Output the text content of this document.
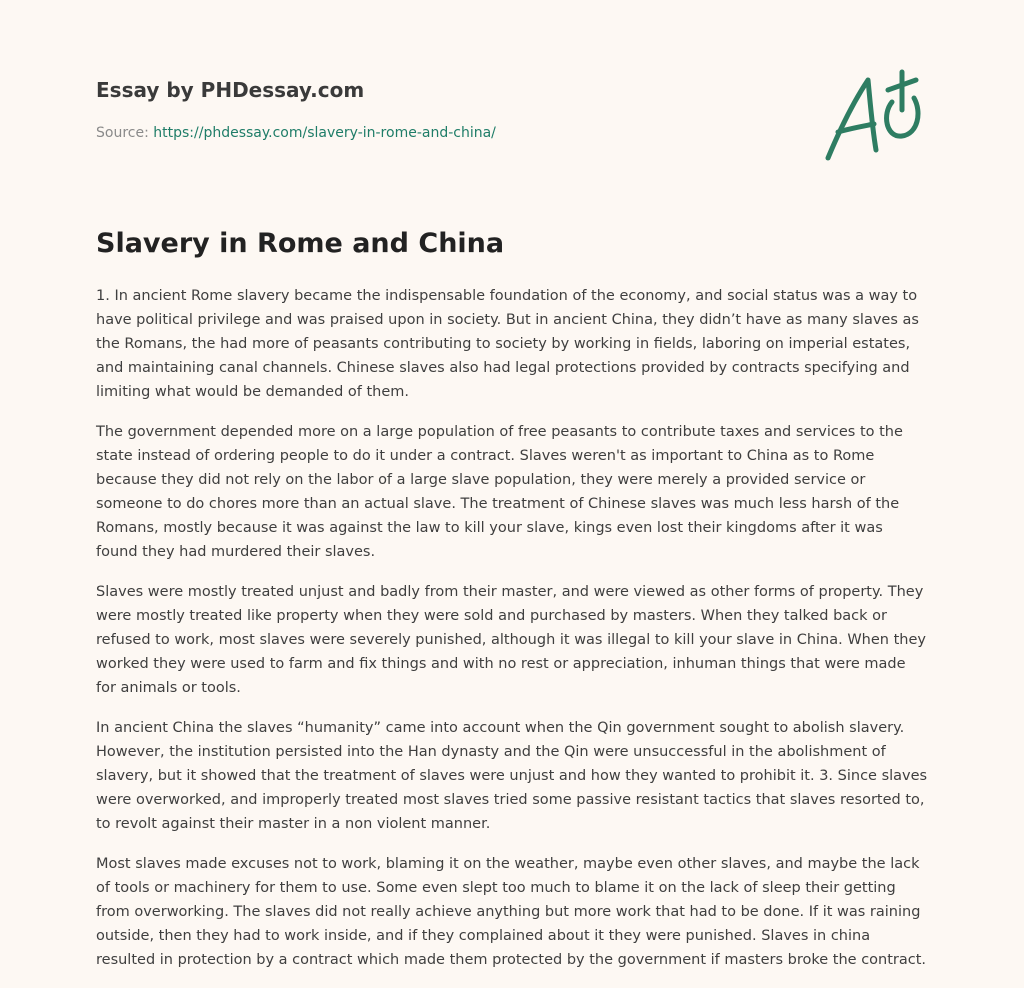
Essay by PHDessay.com
Source: https://phdessay.com/slavery-in-rome-and-china/
Slavery in Rome and China

1. In ancient Rome slavery became the indispensable foundation of the economy, and social status was a way to have political privilege and was praised upon in society. But in ancient China, they didn’t have as many slaves as the Romans, the had more of peasants contributing to society by working in fields, laboring on imperial estates, and maintaining canal channels. Chinese slaves also had legal protections provided by contracts specifying and limiting what would be demanded of them.

The government depended more on a large population of free peasants to contribute taxes and services to the state instead of ordering people to do it under a contract. Slaves weren't as important to China as to Rome because they did not rely on the labor of a large slave population, they were merely a provided service or someone to do chores more than an actual slave. The treatment of Chinese slaves was much less harsh of the Romans, mostly because it was against the law to kill your slave, kings even lost their kingdoms after it was found they had murdered their slaves.

Slaves were mostly treated unjust and badly from their master, and were viewed as other forms of property. They were mostly treated like property when they were sold and purchased by masters. When they talked back or refused to work, most slaves were severely punished, although it was illegal to kill your slave in China. When they worked they were used to farm and fix things and with no rest or appreciation, inhuman things that were made for animals or tools.

In ancient China the slaves “humanity” came into account when the Qin government sought to abolish slavery. However, the institution persisted into the Han dynasty and the Qin were unsuccessful in the abolishment of slavery, but it showed that the treatment of slaves were unjust and how they wanted to prohibit it. 3. Since slaves were overworked, and improperly treated most slaves tried some passive resistant tactics that slaves resorted to, to revolt against their master in a non violent manner.

Most slaves made excuses not to work, blaming it on the weather, maybe even other slaves, and maybe the lack of tools or machinery for them to use. Some even slept too much to blame it on the lack of sleep their getting from overworking. The slaves did not really achieve anything but more work that had to be done. If it was raining outside, then they had to work inside, and if they complained about it they were punished. Slaves in china resulted in protection by a contract which made them protected by the government if masters broke the contract.
